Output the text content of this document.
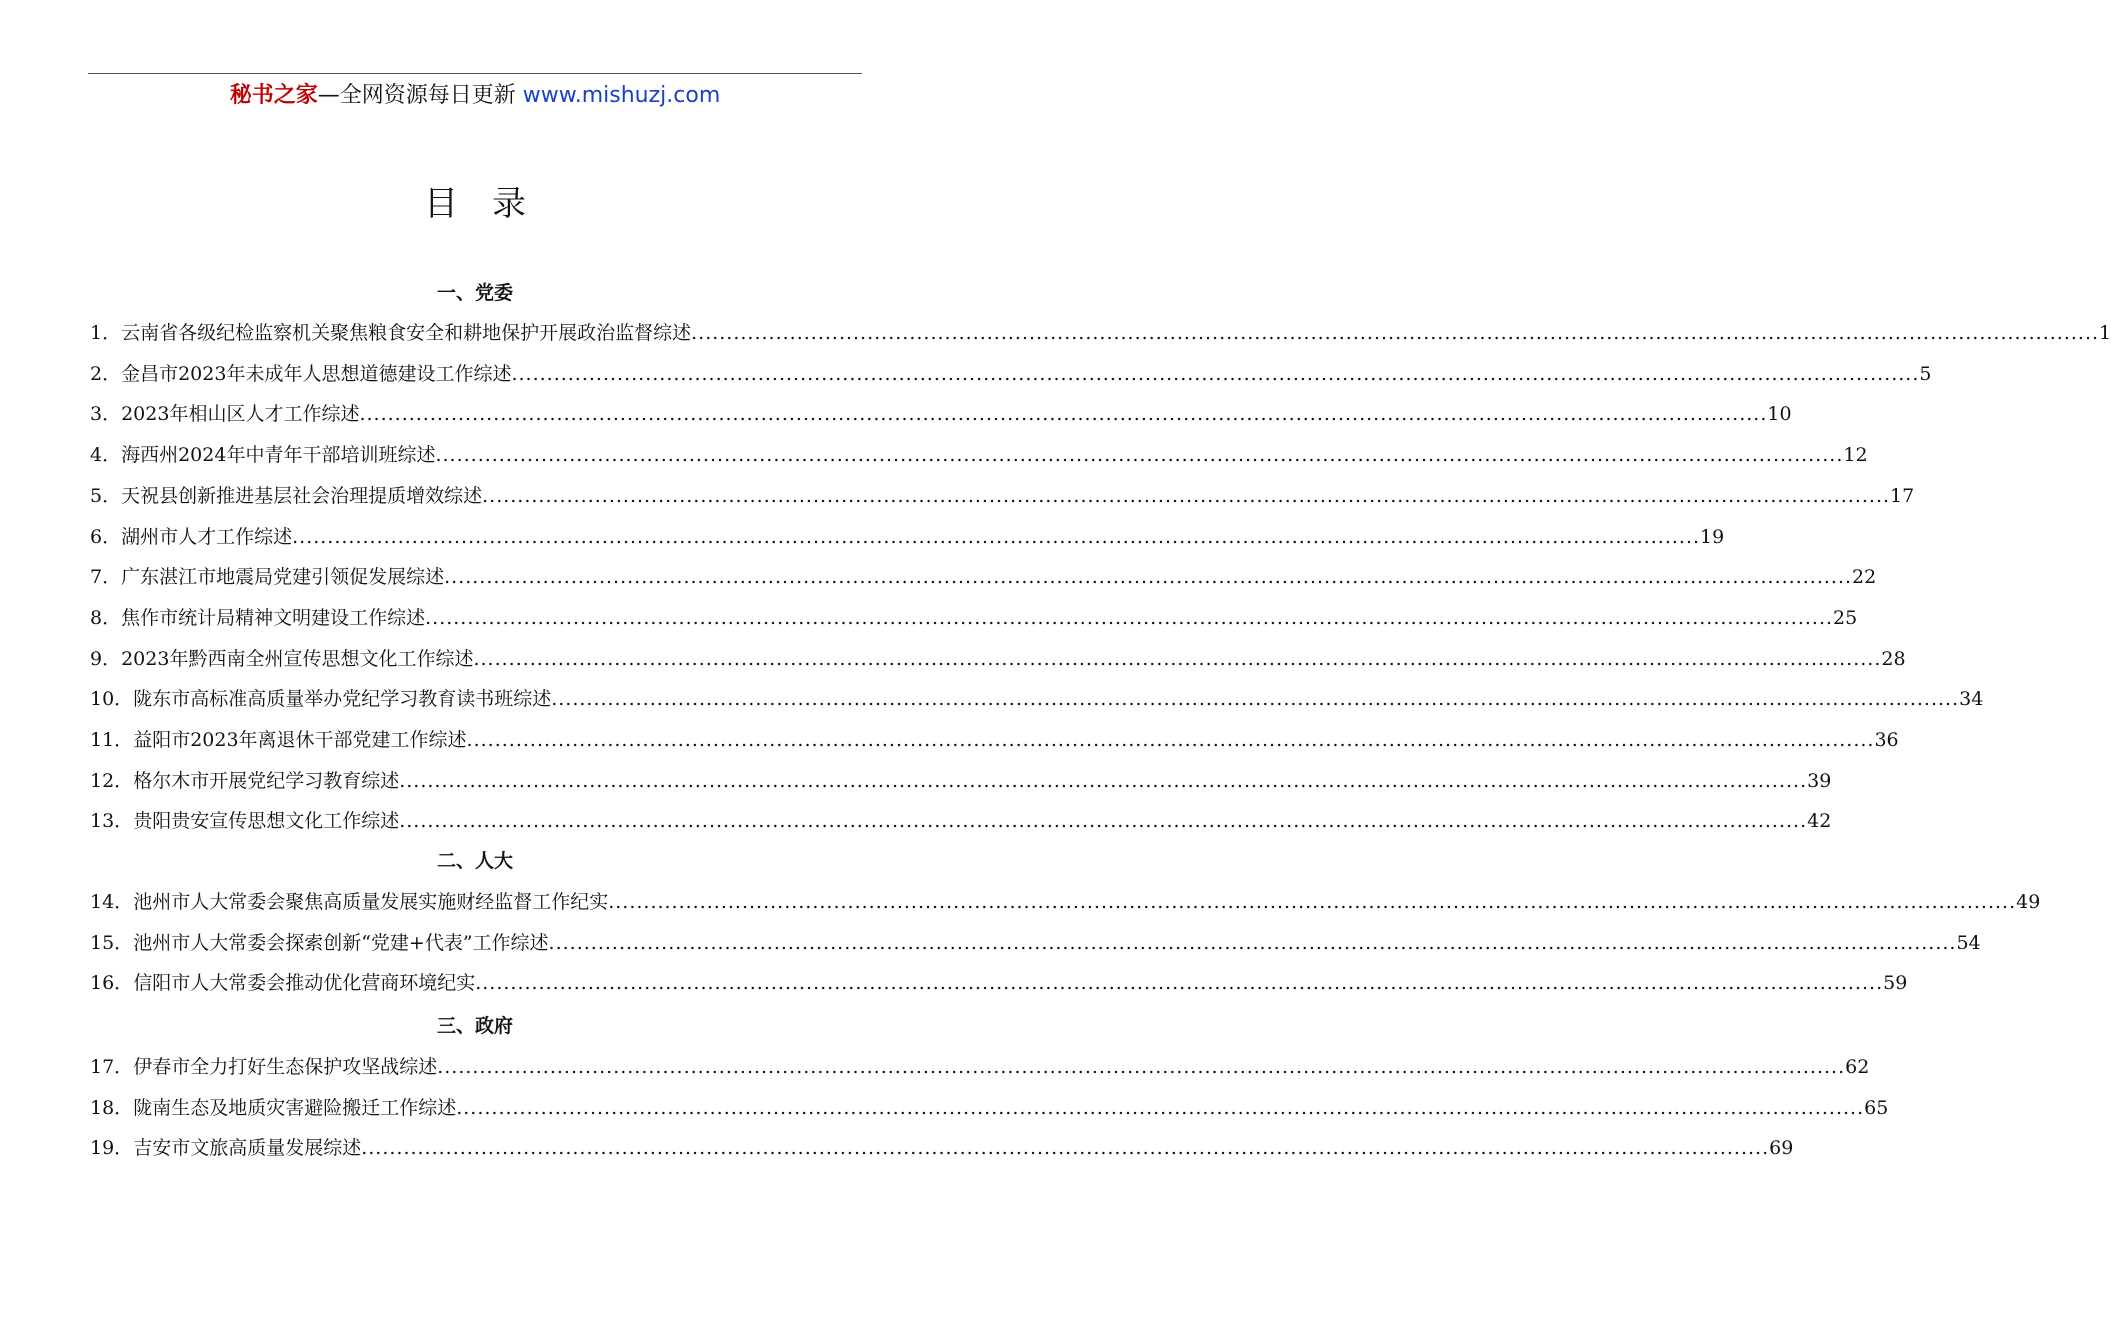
秘书之家—全网资源每日更新 www.mishuzj.com
目录
一、党委
1． 云南省各级纪检监察机关聚焦粮食安全和耕地保护开展政治监督综述 ........................................................................................................................................................................................................ 1
2． 金昌市2023年未成年人思想道德建设工作综述 ........................................................................................................................................................................................................ 5
3． 2023年相山区人才工作综述 ........................................................................................................................................................................................................ 10
4． 海西州2024年中青年干部培训班综述 ........................................................................................................................................................................................................ 12
5． 天祝县创新推进基层社会治理提质增效综述 ........................................................................................................................................................................................................ 17
6． 湖州市人才工作综述 ........................................................................................................................................................................................................ 19
7． 广东湛江市地震局党建引领促发展综述 ........................................................................................................................................................................................................ 22
8． 焦作市统计局精神文明建设工作综述 ........................................................................................................................................................................................................ 25
9． 2023年黔西南全州宣传思想文化工作综述 ........................................................................................................................................................................................................ 28
10． 陇东市高标准高质量举办党纪学习教育读书班综述 ........................................................................................................................................................................................................ 34
11． 益阳市2023年离退休干部党建工作综述 ........................................................................................................................................................................................................ 36
12． 格尔木市开展党纪学习教育综述 ........................................................................................................................................................................................................ 39
13． 贵阳贵安宣传思想文化工作综述 ........................................................................................................................................................................................................ 42
二、人大
14． 池州市人大常委会聚焦高质量发展实施财经监督工作纪实 ........................................................................................................................................................................................................ 49
15． 池州市人大常委会探索创新“党建+代表”工作综述 ........................................................................................................................................................................................................ 54
16． 信阳市人大常委会推动优化营商环境纪实 ........................................................................................................................................................................................................ 59
三、政府
17． 伊春市全力打好生态保护攻坚战综述 ........................................................................................................................................................................................................ 62
18． 陇南生态及地质灾害避险搬迁工作综述 ........................................................................................................................................................................................................ 65
19． 吉安市文旅高质量发展综述 ........................................................................................................................................................................................................ 69
